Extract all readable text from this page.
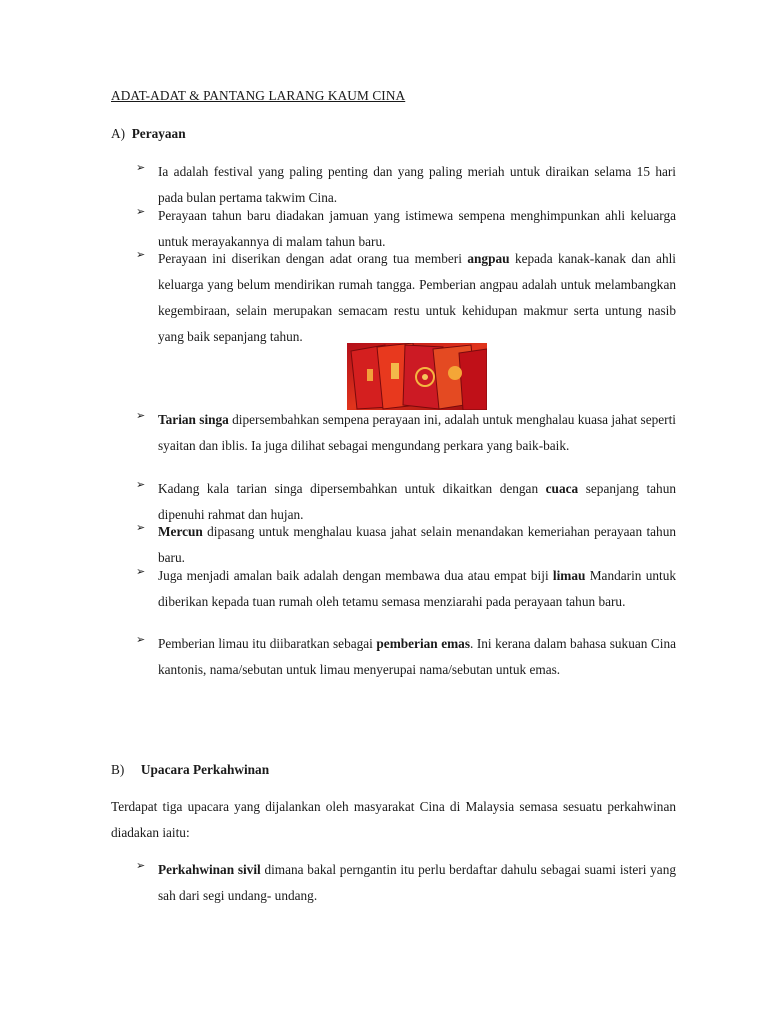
ADAT-ADAT & PANTANG LARANG KAUM CINA
A) Perayaan
➢ Ia adalah festival yang paling penting dan yang paling meriah untuk diraikan selama 15 hari pada bulan pertama takwim Cina.
➢ Perayaan tahun baru diadakan jamuan yang istimewa sempena menghimpunkan ahli keluarga untuk merayakannya di malam tahun baru.
➢ Perayaan ini diserikan dengan adat orang tua memberi angpau kepada kanak-kanak dan ahli keluarga yang belum mendirikan rumah tangga. Pemberian angpau adalah untuk melambangkan kegembiraan, selain merupakan semacam restu untuk kehidupan makmur serta untung nasib yang baik sepanjang tahun.
➢ Tarian singa dipersembahkan sempena perayaan ini, adalah untuk menghalau kuasa jahat seperti syaitan dan iblis. Ia juga dilihat sebagai mengundang perkara yang baik-baik.
➢ Kadang kala tarian singa dipersembahkan untuk dikaitkan dengan cuaca sepanjang tahun dipenuhi rahmat dan hujan.
➢ Mercun dipasang untuk menghalau kuasa jahat selain menandakan kemeriahan perayaan tahun baru.
➢ Juga menjadi amalan baik adalah dengan membawa dua atau empat biji limau Mandarin untuk diberikan kepada tuan rumah oleh tetamu semasa menziarahi pada perayaan tahun baru.
➢ Pemberian limau itu diibaratkan sebagai pemberian emas. Ini kerana dalam bahasa sukuan Cina kantonis, nama/sebutan untuk limau menyerupai nama/sebutan untuk emas.
B) Upacara Perkahwinan
Terdapat tiga upacara yang dijalankan oleh masyarakat Cina di Malaysia semasa sesuatu perkahwinan diadakan iaitu:
➢ Perkahwinan sivil dimana bakal perngantin itu perlu berdaftar dahulu sebagai suami isteri yang sah dari segi undang- undang.
